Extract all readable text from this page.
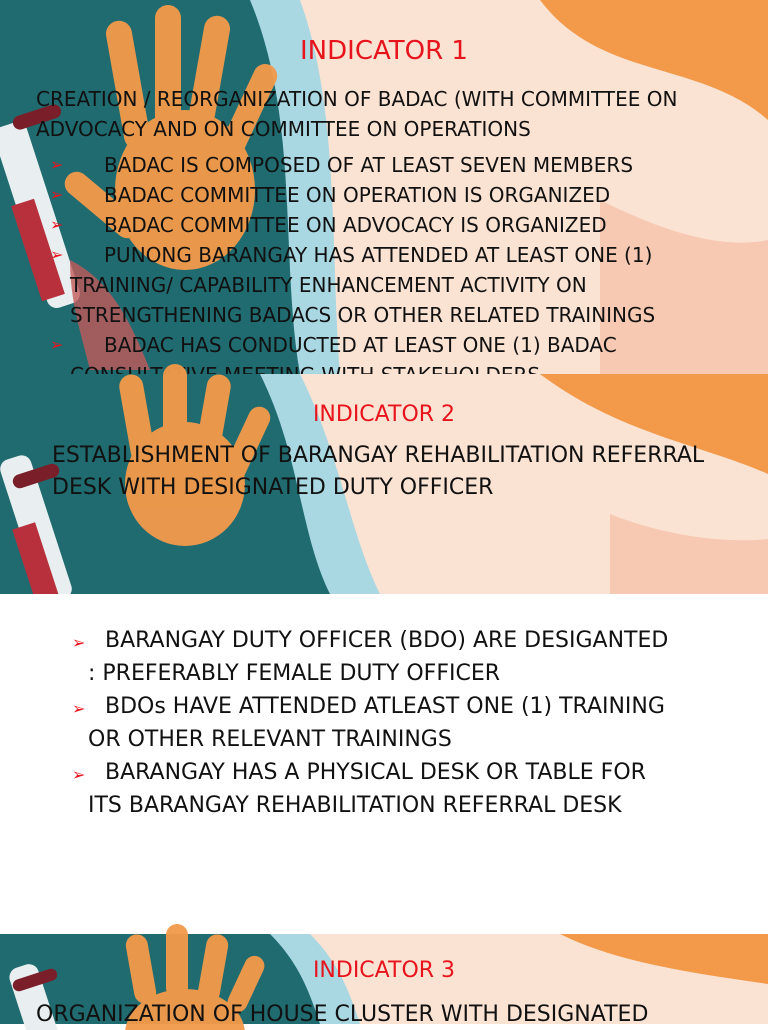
INDICATOR 1
CREATION / REORGANIZATION OF BADAC (WITH COMMITTEE ON ADVOCACY AND ON COMMITTEE ON OPERATIONS
➢	BADAC IS COMPOSED OF AT LEAST SEVEN MEMBERS
➢	BADAC COMMITTEE ON OPERATION IS ORGANIZED
➢	BADAC COMMITTEE ON ADVOCACY IS ORGANIZED
➢	PUNONG BARANGAY HAS ATTENDED AT LEAST ONE (1)
TRAINING/ CAPABILITY ENHANCEMENT ACTIVITY ON STRENGTHENING BADACS OR OTHER RELATED TRAININGS
➢	BADAC HAS CONDUCTED AT LEAST ONE (1) BADAC
INDICATOR 2
ESTABLISHMENT OF BARANGAY REHABILITATION REFERRAL DESK WITH DESIGNATED DUTY OFFICER
➢ BARANGAY DUTY OFFICER (BDO) ARE DESIGANTED
: PREFERABLY FEMALE DUTY OFFICER
➢ BDOs HAVE ATTENDED ATLEAST ONE (1) TRAINING
OR OTHER RELEVANT TRAININGS
➢ BARANGAY HAS A PHYSICAL DESK OR TABLE FOR
ITS BARANGAY REHABILITATION REFERRAL DESK
INDICATOR 3
ORGANIZATION OF HOUSE CLUSTER WITH DESIGNATED
